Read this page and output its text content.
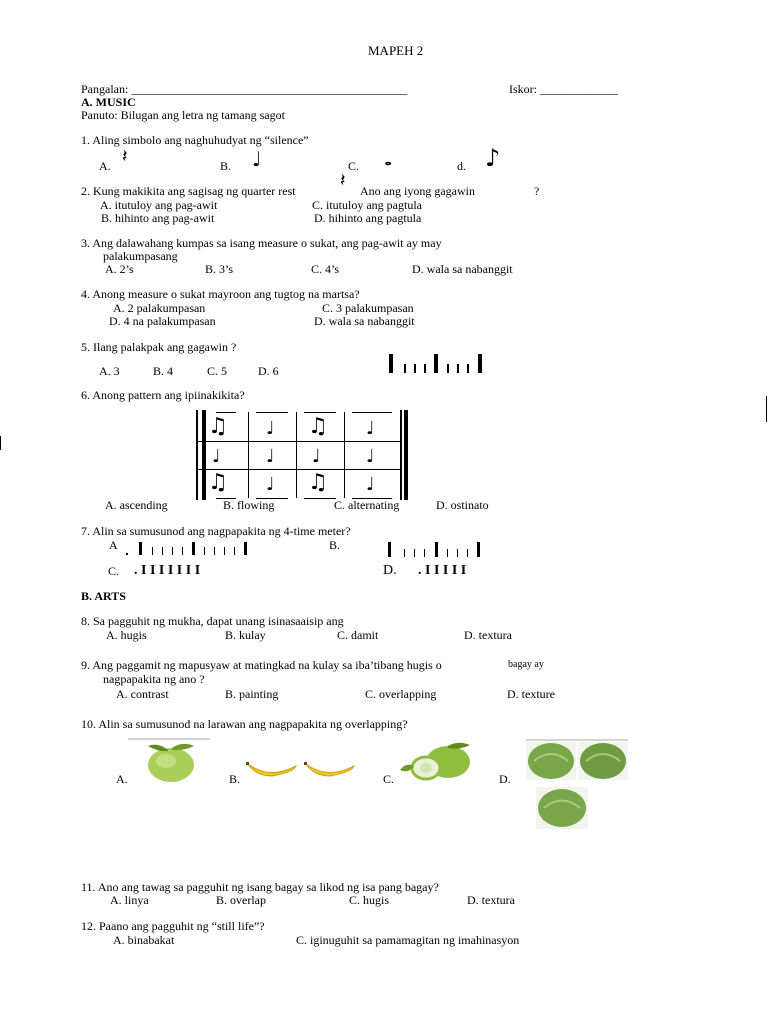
MAPEH 2
Pangalan: ______________________________________________	Iskor: _____________
A. MUSIC
Panuto: Bilugan ang letra ng tamang sagot
1. Aling simbolo ang naghuhudyat ng “silence”
A. 𝄽	B. ♩	C. 𝅝	d. ♪
2. Kung makikita ang sagisag ng quarter rest 𝄽 Ano ang iyong gagawin	?
A. itutuloy ang pag-awit	C. itutuloy ang pagtula
B. hihinto ang pag-awit	D. hihinto ang pagtula
3. Ang dalawahang kumpas sa isang measure o sukat, ang pag-awit ay may
palakumpasang
A. 2’s	B. 3’s	C. 4’s	D. wala sa nabanggit
4. Anong measure o sukat mayroon ang tugtog na martsa?
A. 2 palakumpasan	C. 3 palakumpasan
D. 4 na palakumpasan	D. wala sa nabanggit
5. Ilang palakpak ang gagawin ?

A. 3	B. 4	C. 5	D. 6
6. Anong pattern ang ipiinakikita?
♫ ♩ ♫ ♩
♩	♩ ♩	♩
♫ ♩ ♫ ♩
A. ascending	B. flowing	C. alternating	D. ostinato
7. Alin sa sumusunod ang nagpapakita ng 4-time meter?
A
	B.

C. . I I I I I I I	D. . I I I I I
B. ARTS
8. Sa pagguhit ng mukha, dapat unang isinasaaisip ang
A. hugis	B. kulay	C. damit	D. textura
9. Ang paggamit ng mapusyaw at matingkad na kulay sa iba’tibang hugis o	bagay ay
nagpapakita ng ano ?
A. contrast	B. painting	C. overlapping	D. texture
10. Alin sa sumusunod na larawan ang nagpapakita ng overlapping?
A.	B.	C.	D.
11. Ano ang tawag sa pagguhit ng isang bagay sa likod ng isa pang bagay?
A. linya	B. overlap	C. hugis	D. textura
12. Paano ang pagguhit ng “still life”?
A. binabakat	C. iginuguhit sa pamamagitan ng imahinasyon
